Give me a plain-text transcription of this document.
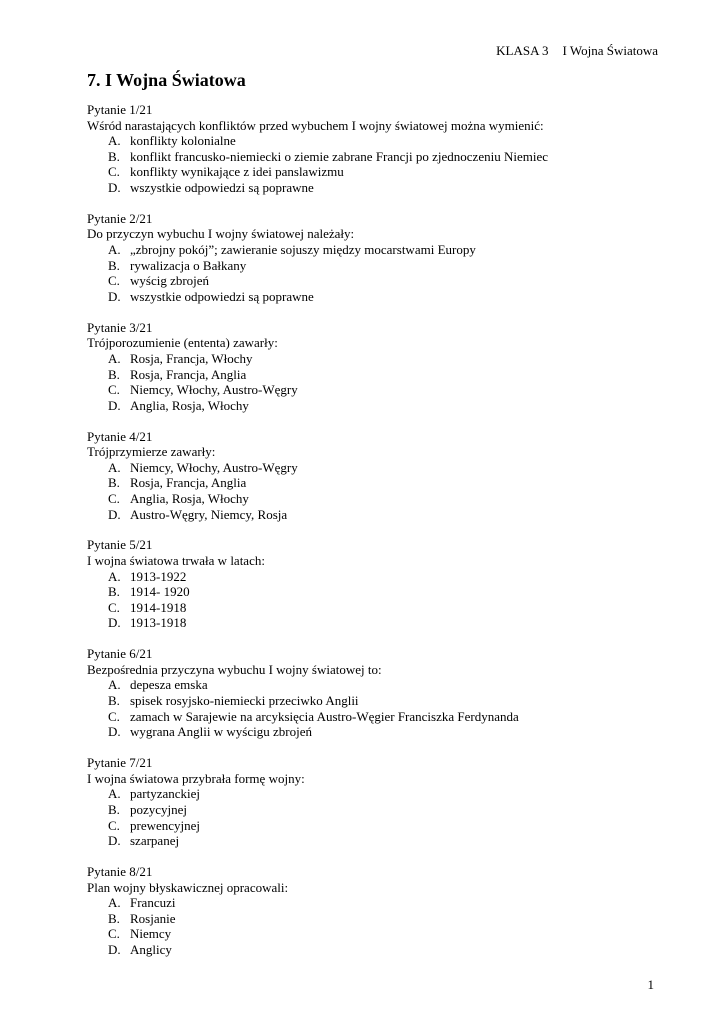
KLASA 3 I Wojna Światowa
7. I Wojna Światowa
Pytanie 1/21
Wśród narastających konfliktów przed wybuchem I wojny światowej można wymienić:
A. konflikty kolonialne
B. konflikt francusko-niemiecki o ziemie zabrane Francji po zjednoczeniu Niemiec
C. konflikty wynikające z idei panslawizmu
D. wszystkie odpowiedzi są poprawne
Pytanie 2/21
Do przyczyn wybuchu I wojny światowej należały:
A. „zbrojny pokój”; zawieranie sojuszy między mocarstwami Europy
B. rywalizacja o Bałkany
C. wyścig zbrojeń
D. wszystkie odpowiedzi są poprawne
Pytanie 3/21
Trójporozumienie (ententa) zawarły:
A. Rosja, Francja, Włochy
B. Rosja, Francja, Anglia
C. Niemcy, Włochy, Austro-Węgry
D. Anglia, Rosja, Włochy
Pytanie 4/21
Trójprzymierze zawarły:
A. Niemcy, Włochy, Austro-Węgry
B. Rosja, Francja, Anglia
C. Anglia, Rosja, Włochy
D. Austro-Węgry, Niemcy, Rosja
Pytanie 5/21
I wojna światowa trwała w latach:
A. 1913-1922
B. 1914- 1920
C. 1914-1918
D. 1913-1918
Pytanie 6/21
Bezpośrednia przyczyna wybuchu I wojny światowej to:
A. depesza emska
B. spisek rosyjsko-niemiecki przeciwko Anglii
C. zamach w Sarajewie na arcyksięcia Austro-Węgier Franciszka Ferdynanda
D. wygrana Anglii w wyścigu zbrojeń
Pytanie 7/21
I wojna światowa przybrała formę wojny:
A. partyzanckiej
B. pozycyjnej
C. prewencyjnej
D. szarpanej
Pytanie 8/21
Plan wojny błyskawicznej opracowali:
A. Francuzi
B. Rosjanie
C. Niemcy
D. Anglicy
1
